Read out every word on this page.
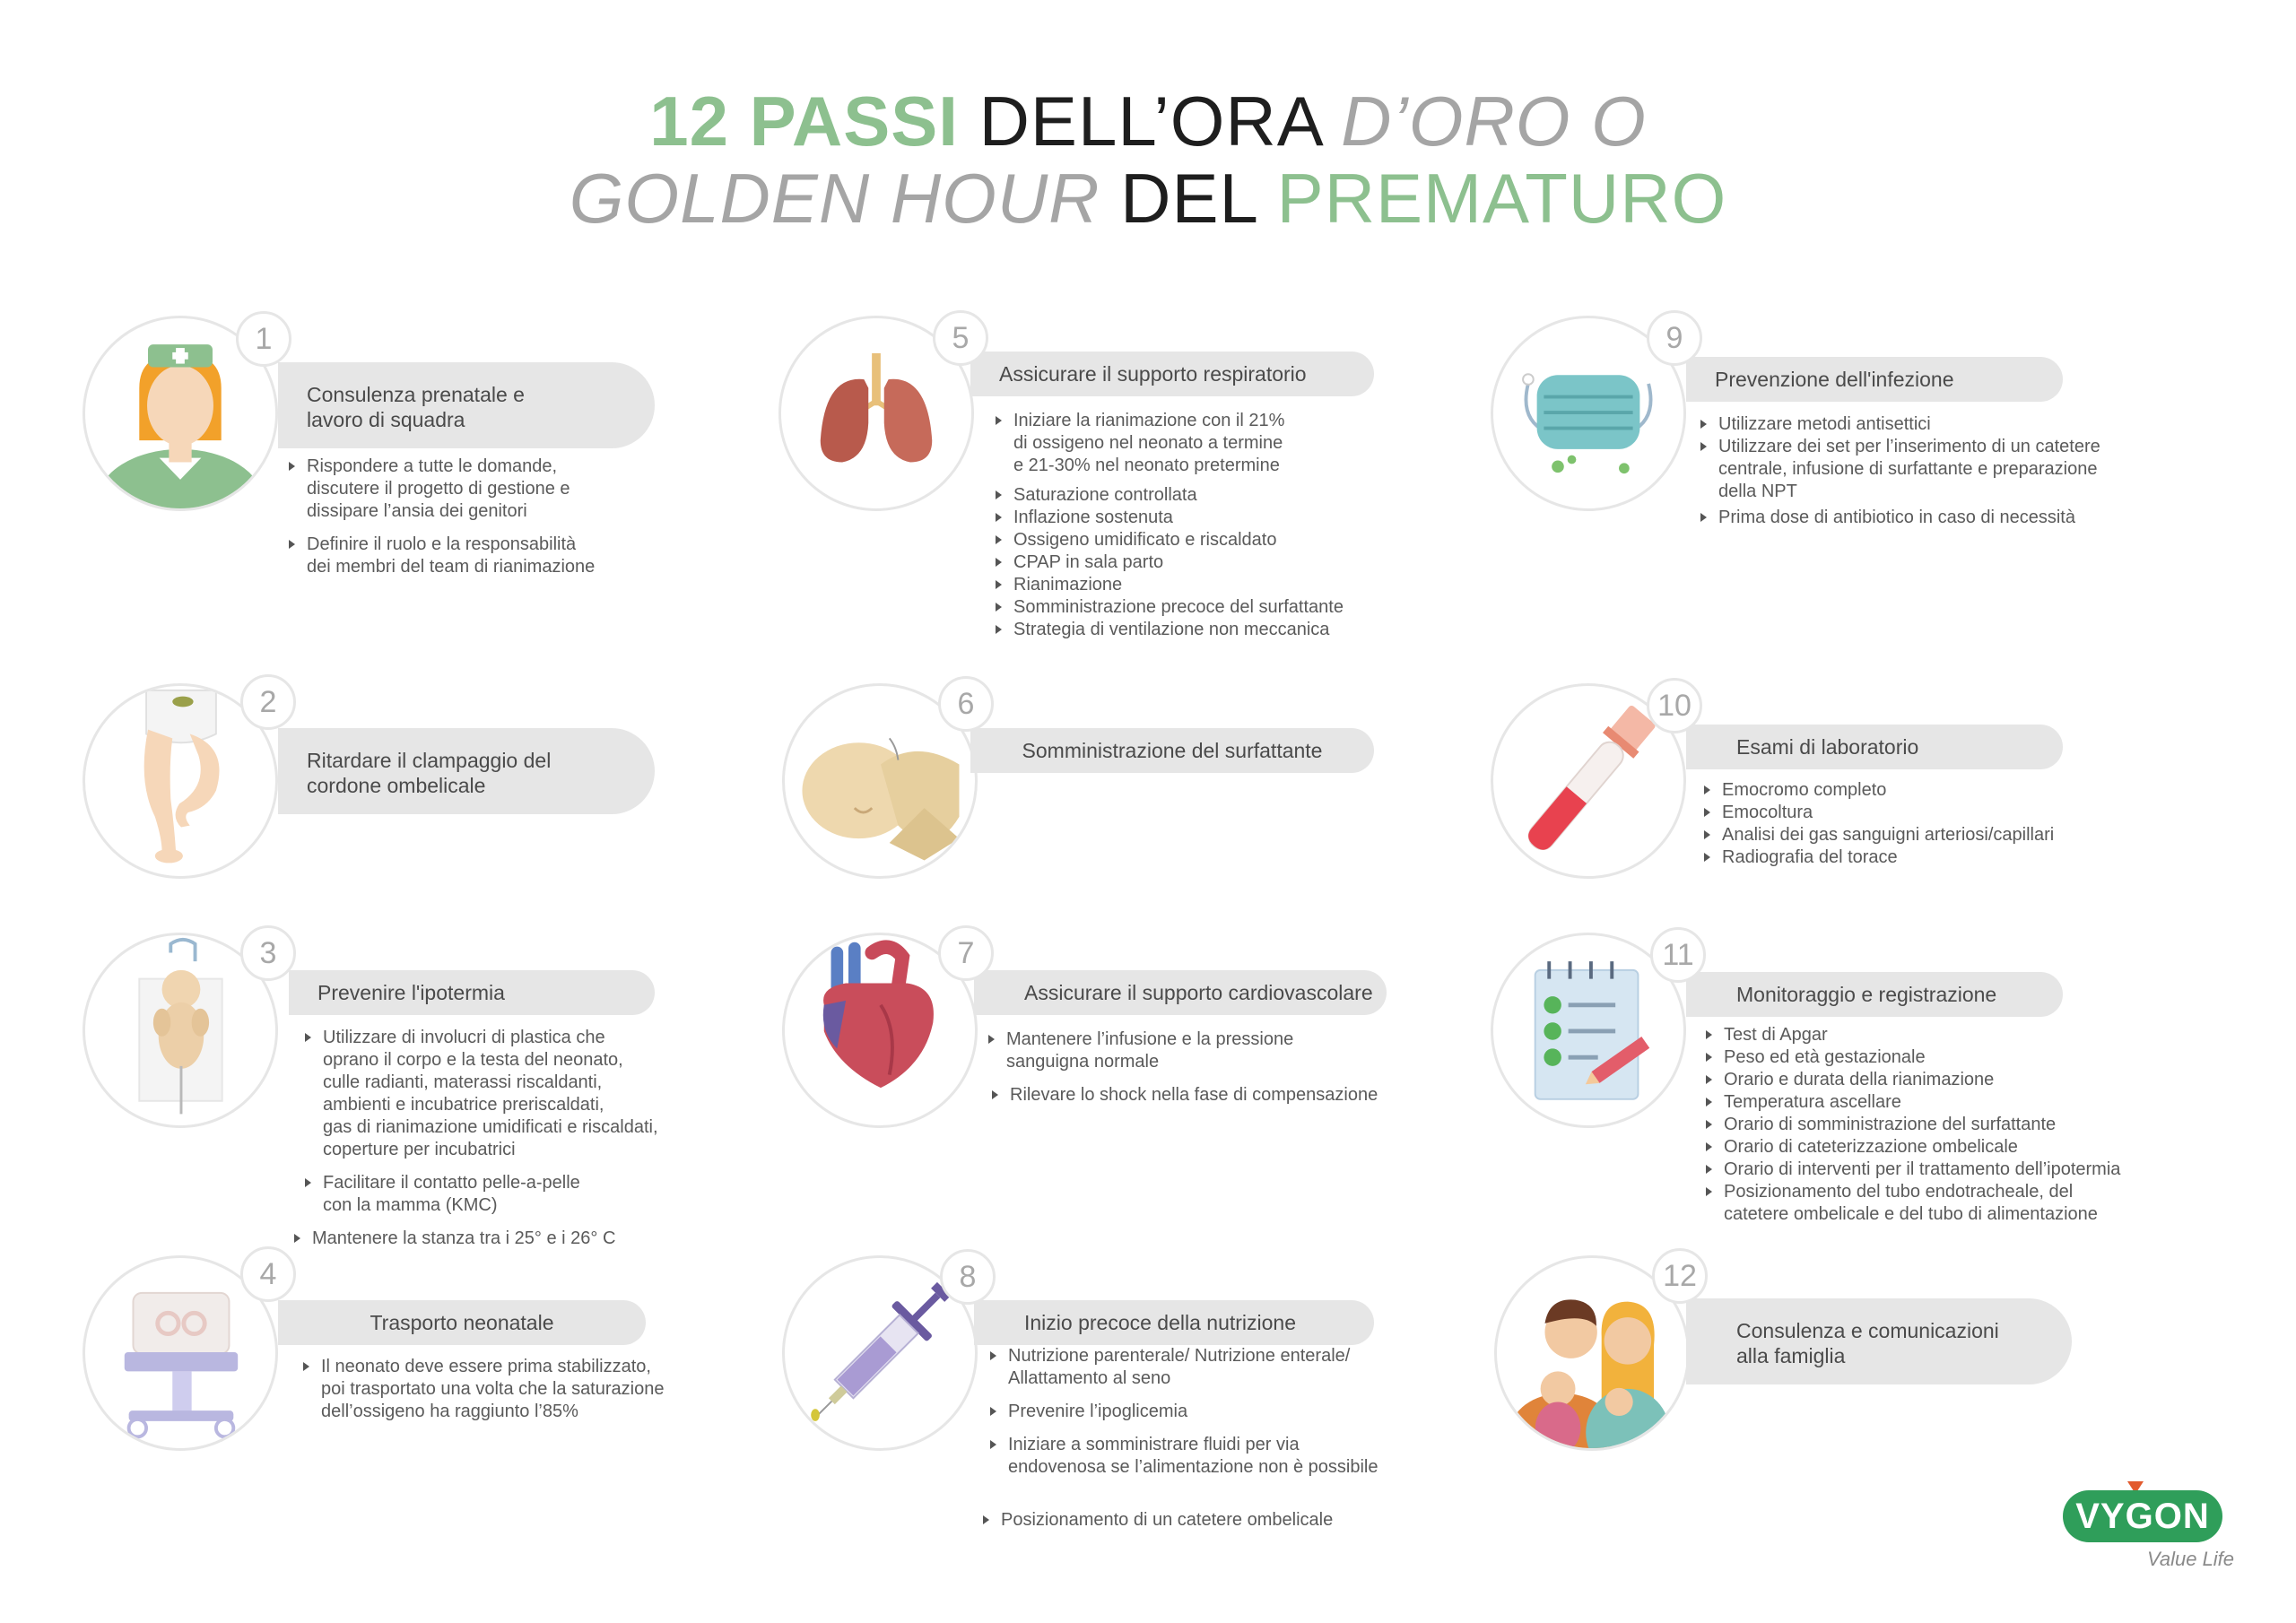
12 PASSI DELL’ORA D’ORO O
GOLDEN HOUR DEL PREMATURO
Consulenza prenatale e
lavoro di squadra
1
Rispondere a tutte le domande,
discutere il progetto di gestione e
dissipare l’ansia dei genitori
Definire il ruolo e la responsabilità
dei membri del team di rianimazione
Ritardare il clampaggio del
cordone ombelicale
2
Prevenire l'ipotermia
3
Utilizzare di involucri di plastica che
oprano il corpo e la testa del neonato,
culle radianti, materassi riscaldanti,
ambienti e incubatrice preriscaldati,
gas di rianimazione umidificati e riscaldati,
coperture per incubatrici
Facilitare il contatto pelle-a-pelle
con la mamma (KMC)
Mantenere la stanza tra i 25° e i 26° C
Trasporto neonatale
4
Il neonato deve essere prima stabilizzato,
poi trasportato una volta che la saturazione
dell’ossigeno ha raggiunto l’85%
Assicurare il supporto respiratorio
5
Iniziare la rianimazione con il 21%
di ossigeno nel neonato a termine
e 21-30% nel neonato pretermine
Saturazione controllata
Inflazione sostenuta
Ossigeno umidificato e riscaldato
CPAP in sala parto
Rianimazione
Somministrazione precoce del surfattante
Strategia di ventilazione non meccanica
Somministrazione del surfattante
6
Assicurare il supporto cardiovascolare
7
Mantenere l’infusione e la pressione
sanguigna normale
Rilevare lo shock nella fase di compensazione
Inizio precoce della nutrizione
8
Nutrizione parenterale/ Nutrizione enterale/
Allattamento al seno
Prevenire l’ipoglicemia
Iniziare a somministrare fluidi per via
endovenosa se l’alimentazione non è possibile
Posizionamento di un catetere ombelicale
Prevenzione dell'infezione
9
Utilizzare metodi antisettici
Utilizzare dei set per l’inserimento di un catetere
centrale, infusione di surfattante e preparazione
della NPT
Prima dose di antibiotico in caso di necessità
Esami di laboratorio
10
Emocromo completo
Emocoltura
Analisi dei gas sanguigni arteriosi/capillari
Radiografia del torace
Monitoraggio e registrazione
11
Test di Apgar
Peso ed età gestazionale
Orario e durata della rianimazione
Temperatura ascellare
Orario di somministrazione del surfattante
Orario di cateterizzazione ombelicale
Orario di interventi per il trattamento dell’ipotermia
Posizionamento del tubo endotracheale, del
catetere ombelicale e del tubo di alimentazione
Consulenza e comunicazioni
alla famiglia
12
VYGON
Value Life
